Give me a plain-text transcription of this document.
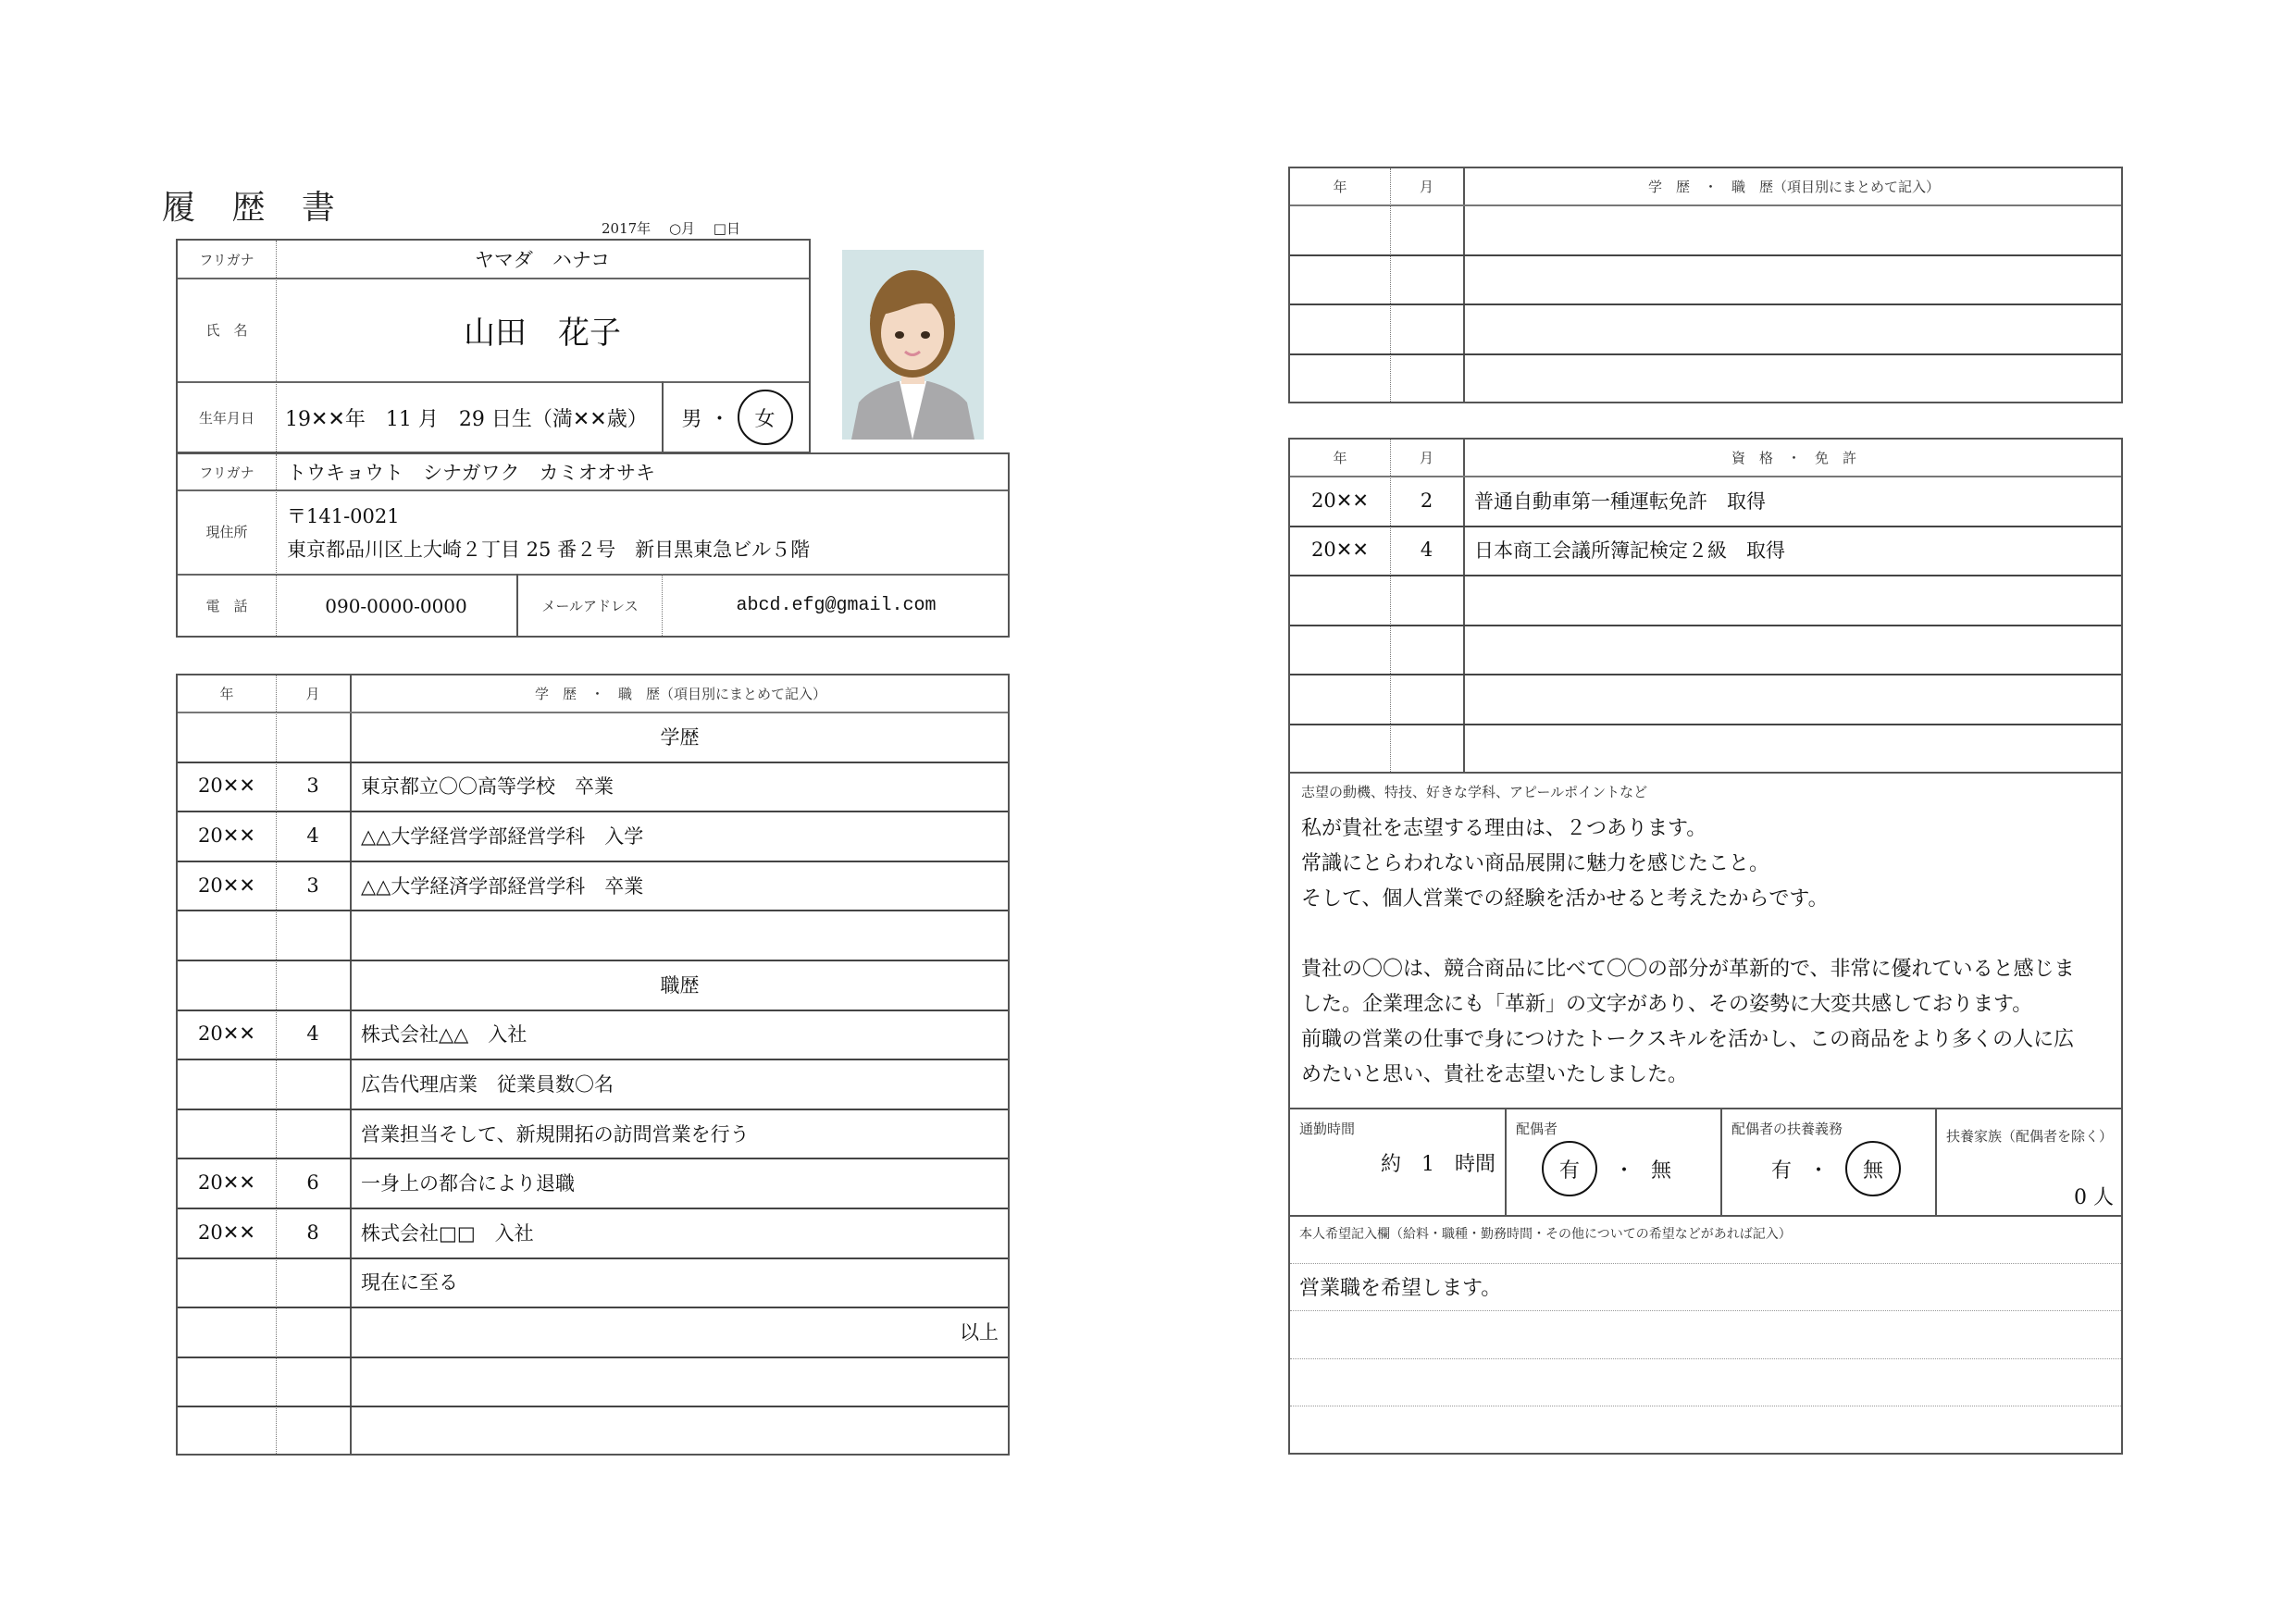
履 歴 書
2017年　 ○月　 □日
フリガナ	ヤマダ　ハナコ
氏　名	山田　花子
生年月日	19✕✕年　11 月　29 日生（満✕✕歳）	男 ・	女
フリガナ	トウキョウト　シナガワク　カミオオサキ
現住所
〒141-0021
東京都品川区上大崎２丁目 25 番２号　新目黒東急ビル５階
電　話	090-0000-0000	メールアドレス	abcd.efg@gmail.com
年	月	学　歴　・　職　歴（項目別にまとめて記入）
学歴
20✕✕	3	東京都立〇〇高等学校　卒業
20✕✕	4	△△大学経営学部経営学科　入学
20✕✕	3	△△大学経済学部経営学科　卒業
職歴
20✕✕	4	株式会社△△　入社
広告代理店業　従業員数〇名
営業担当そして、新規開拓の訪問営業を行う
20✕✕	6	一身上の都合により退職
20✕✕	8	株式会社□□　入社
現在に至る
以上
年	月	学　歴　・　職　歴（項目別にまとめて記入）
年	月	資　格　・　免　許
20✕✕	2	普通自動車第一種運転免許　取得
20✕✕	4	日本商工会議所簿記検定２級　取得
志望の動機、特技、好きな学科、アピールポイントなど
私が貴社を志望する理由は、２つあります。
常識にとらわれない商品展開に魅力を感じたこと。
そして、個人営業での経験を活かせると考えたからです。
貴社の〇〇は、競合商品に比べて〇〇の部分が革新的で、非常に優れていると感じま
した。企業理念にも「革新」の文字があり、その姿勢に大変共感しております。
前職の営業の仕事で身につけたトークスキルを活かし、この商品をより多くの人に広
めたいと思い、貴社を志望いたしました。
通勤時間
約　1　時間
配偶者
有	・ 無
配偶者の扶養義務
有 ・	無
扶養家族（配偶者を除く）
0 人
本人希望記入欄（給料・職種・勤務時間・その他についての希望などがあれば記入）
営業職を希望します。
